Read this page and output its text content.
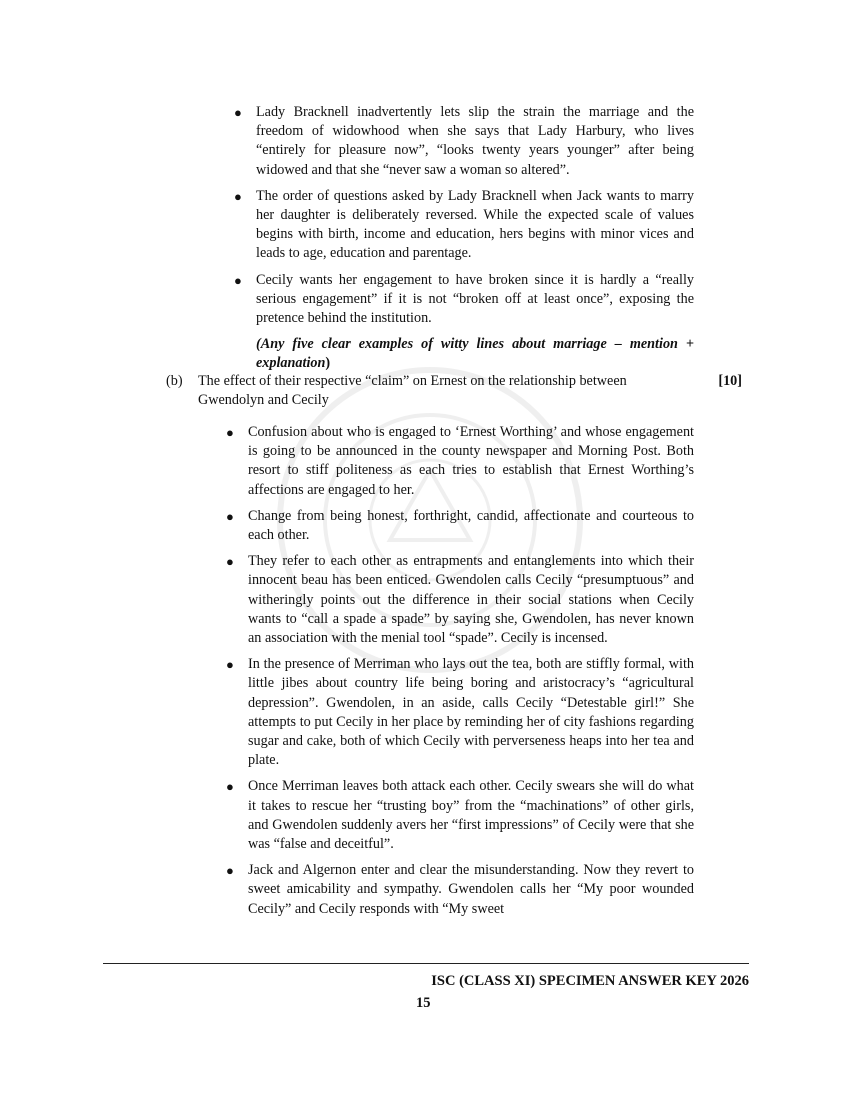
● Lady Bracknell inadvertently lets slip the strain the marriage and the freedom of widowhood when she says that Lady Harbury, who lives “entirely for pleasure now”, “looks twenty years younger” after being widowed and that she “never saw a woman so altered”.
● The order of questions asked by Lady Bracknell when Jack wants to marry her daughter is deliberately reversed. While the expected scale of values begins with birth, income and education, hers begins with minor vices and leads to age, education and parentage.
● Cecily wants her engagement to have broken since it is hardly a “really serious engagement” if it is not “broken off at least once”, exposing the pretence behind the institution.
(Any five clear examples of witty lines about marriage – mention + explanation)
(b) The effect of their respective “claim” on Ernest on the relationship between Gwendolyn and Cecily
[10]
● Confusion about who is engaged to ‘Ernest Worthing’ and whose engagement is going to be announced in the county newspaper and Morning Post. Both resort to stiff politeness as each tries to establish that Ernest Worthing’s affections are engaged to her.
● Change from being honest, forthright, candid, affectionate and courteous to each other.
● They refer to each other as entrapments and entanglements into which their innocent beau has been enticed. Gwendolen calls Cecily “presumptuous” and witheringly points out the difference in their social stations when Cecily wants to “call a spade a spade” by saying she, Gwendolen, has never known an association with the menial tool “spade”. Cecily is incensed.
● In the presence of Merriman who lays out the tea, both are stiffly formal, with little jibes about country life being boring and aristocracy’s “agricultural depression”. Gwendolen, in an aside, calls Cecily “Detestable girl!” She attempts to put Cecily in her place by reminding her of city fashions regarding sugar and cake, both of which Cecily with perverseness heaps into her tea and plate.
● Once Merriman leaves both attack each other. Cecily swears she will do what it takes to rescue her “trusting boy” from the “machinations” of other girls, and Gwendolen suddenly avers her “first impressions” of Cecily were that she was “false and deceitful”.
● Jack and Algernon enter and clear the misunderstanding. Now they revert to sweet amicability and sympathy. Gwendolen calls her “My poor wounded Cecily” and Cecily responds with “My sweet
ISC (CLASS XI) SPECIMEN ANSWER KEY 2026
15
